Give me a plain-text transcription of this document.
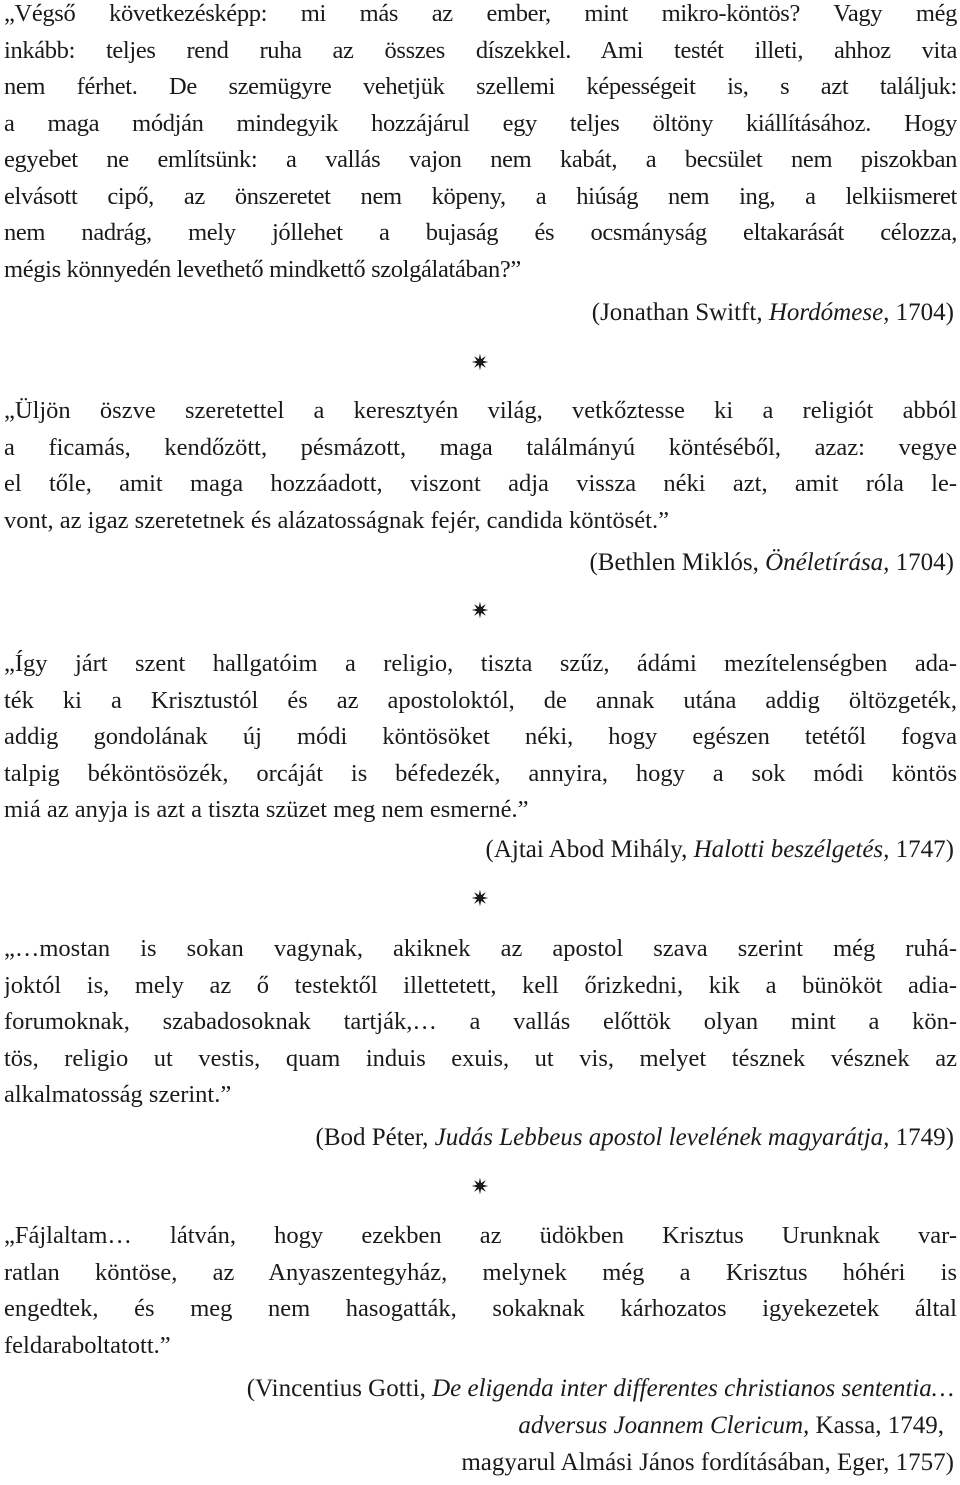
„Végső következésképp: mi más az ember, mint mikro-köntös? Vagy még
inkább: teljes rend ruha az összes díszekkel. Ami testét illeti, ahhoz vita
nem férhet. De szemügyre vehetjük szellemi képességeit is, s azt találjuk:
a maga módján mindegyik hozzájárul egy teljes öltöny kiállításához. Hogy
egyebet ne említsünk: a vallás vajon nem kabát, a becsület nem piszokban
elvásott cipő, az önszeretet nem köpeny, a hiúság nem ing, a lelkiismeret
nem nadrág, mely jóllehet a bujaság és ocsmányság eltakarását célozza,
mégis könnyedén levethető mindkettő szolgálatában?”
(Jonathan Switft, Hordómese, 1704)
✷
„Üljön öszve szeretettel a keresztyén világ, vetkőztesse ki a religiót abból
a ficamás, kendőzött, pésmázott, maga találmányú köntéséből, azaz: vegye
el tőle, amit maga hozzáadott, viszont adja vissza néki azt, amit róla le-
vont, az igaz szeretetnek és alázatosságnak fejér, candida köntösét.”
(Bethlen Miklós, Önéletírása, 1704)
✷
„Így járt szent hallgatóim a religio, tiszta szűz, ádámi mezítelenségben ada-
ték ki a Krisztustól és az apostoloktól, de annak utána addig öltözgeték,
addig gondolának új módi köntösöket néki, hogy egészen tetétől fogva
talpig béköntösözék, orcáját is béfedezék, annyira, hogy a sok módi köntös
miá az anyja is azt a tiszta szüzet meg nem esmerné.”
(Ajtai Abod Mihály, Halotti beszélgetés, 1747)
✷
„…mostan is sokan vagynak, akiknek az apostol szava szerint még ruhá-
joktól is, mely az ő testektől illettetett, kell őrizkedni, kik a bünököt adia-
forumoknak, szabadosoknak tartják,… a vallás előttök olyan mint a kön-
tös, religio ut vestis, quam induis exuis, ut vis, melyet tésznek vésznek az
alkalmatosság szerint.”
(Bod Péter, Judás Lebbeus apostol levelének magyarátja, 1749)
✷
„Fájlaltam… látván, hogy ezekben az üdökben Krisztus Urunknak var-
ratlan köntöse, az Anyaszentegyház, melynek még a Krisztus hóhéri is
engedtek, és meg nem hasogatták, sokaknak kárhozatos igyekezetek által
feldaraboltatott.”
(Vincentius Gotti, De eligenda inter differentes christianos sententia…
adversus Joannem Clericum, Kassa, 1749,
magyarul Almási János fordításában, Eger, 1757)
